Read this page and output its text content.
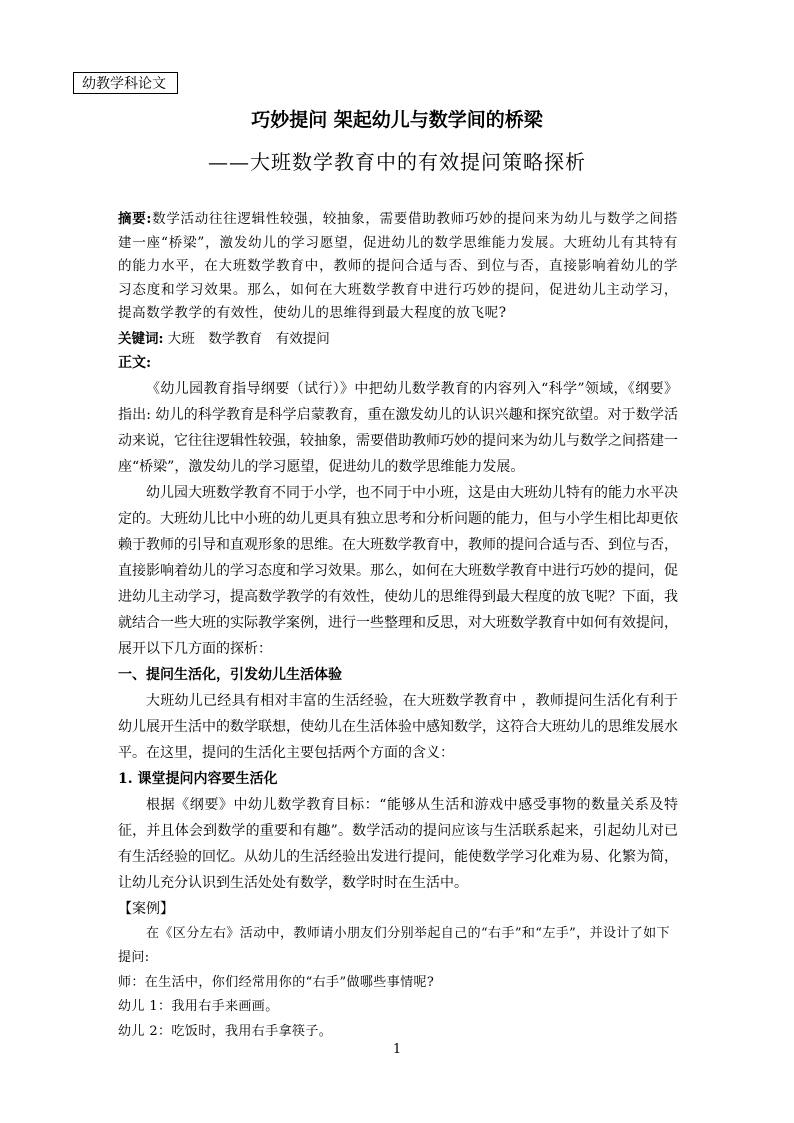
幼教学科论文
巧妙提问 架起幼儿与数学间的桥梁
——大班数学教育中的有效提问策略探析

摘要:数学活动往往逻辑性较强，较抽象，需要借助教师巧妙的提问来为幼儿与数学之间搭建一座“桥梁”，激发幼儿的学习愿望，促进幼儿的数学思维能力发展。大班幼儿有其特有的能力水平，在大班数学教育中，教师的提问合适与否、到位与否，直接影响着幼儿的学习态度和学习效果。那么，如何在大班数学教育中进行巧妙的提问，促进幼儿主动学习，提高数学教学的有效性，使幼儿的思维得到最大程度的放飞呢?

关键词: 大班　数学教育　有效提问

正文:

《幼儿园教育指导纲要（试行）》中把幼儿数学教育的内容列入“科学”领域，《纲要》指出: 幼儿的科学教育是科学启蒙教育，重在激发幼儿的认识兴趣和探究欲望。对于数学活动来说，它往往逻辑性较强，较抽象，需要借助教师巧妙的提问来为幼儿与数学之间搭建一座“桥梁”，激发幼儿的学习愿望，促进幼儿的数学思维能力发展。

幼儿园大班数学教育不同于小学，也不同于中小班，这是由大班幼儿特有的能力水平决定的。大班幼儿比中小班的幼儿更具有独立思考和分析问题的能力，但与小学生相比却更依赖于教师的引导和直观形象的思维。在大班数学教育中，教师的提问合适与否、到位与否，直接影响着幼儿的学习态度和学习效果。那么，如何在大班数学教育中进行巧妙的提问，促进幼儿主动学习，提高数学教学的有效性，使幼儿的思维得到最大程度的放飞呢？下面，我就结合一些大班的实际教学案例，进行一些整理和反思，对大班数学教育中如何有效提问，展开以下几方面的探析：

一、提问生活化，引发幼儿生活体验

大班幼儿已经具有相对丰富的生活经验，在大班数学教育中 ，教师提问生活化有利于幼儿展开生活中的数学联想，使幼儿在生活体验中感知数学，这符合大班幼儿的思维发展水平。在这里，提问的生活化主要包括两个方面的含义：

1. 课堂提问内容要生活化

根据《纲要》中幼儿数学教育目标：“能够从生活和游戏中感受事物的数量关系及特征，并且体会到数学的重要和有趣”。数学活动的提问应该与生活联系起来，引起幼儿对已有生活经验的回忆。从幼儿的生活经验出发进行提问，能使数学学习化难为易、化繁为简，让幼儿充分认识到生活处处有数学，数学时时在生活中。

【案例】

在《区分左右》活动中，教师请小朋友们分别举起自己的“右手”和“左手”，并设计了如下提问:

师：在生活中，你们经常用你的“右手”做哪些事情呢?

幼儿 1：我用右手来画画。

幼儿 2：吃饭时，我用右手拿筷子。

1
